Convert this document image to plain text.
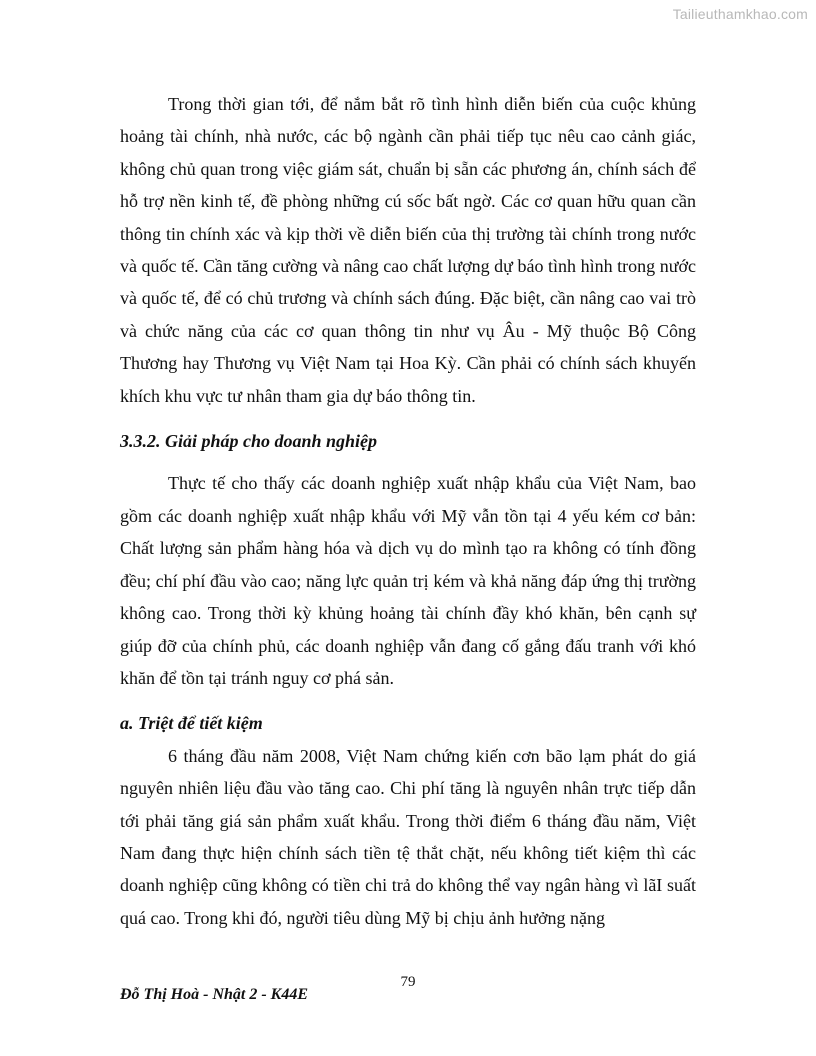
Tailieuthamkhao.com

Trong thời gian tới, để nắm bắt rõ tình hình diễn biến của cuộc khủng hoảng tài chính, nhà nước, các bộ ngành cần phải tiếp tục nêu cao cảnh giác, không chủ quan trong việc giám sát, chuẩn bị sẵn các phương án, chính sách để hỗ trợ nền kinh tế, đề phòng những cú sốc bất ngờ. Các cơ quan hữu quan cần thông tin chính xác và kịp thời về diễn biến của thị trường tài chính trong nước và quốc tế. Cần tăng cường và nâng cao chất lượng dự báo tình hình trong nước và quốc tế, để có chủ trương và chính sách đúng. Đặc biệt, cần nâng cao vai trò và chức năng của các cơ quan thông tin như vụ Âu - Mỹ thuộc Bộ Công Thương hay Thương vụ Việt Nam tại Hoa Kỳ. Cần phải có chính sách khuyến khích khu vực tư nhân tham gia dự báo thông tin.

3.3.2. Giải pháp cho doanh nghiệp

Thực tế cho thấy các doanh nghiệp xuất nhập khẩu của Việt Nam, bao gồm các doanh nghiệp xuất nhập khẩu với Mỹ vẫn tồn tại 4 yếu kém cơ bản: Chất lượng sản phẩm hàng hóa và dịch vụ do mình tạo ra không có tính đồng đều; chí phí đầu vào cao; năng lực quản trị kém và khả năng đáp ứng thị trường không cao. Trong thời kỳ khủng hoảng tài chính đầy khó khăn, bên cạnh sự giúp đỡ của chính phủ, các doanh nghiệp vẫn đang cố gắng đấu tranh với khó khăn để tồn tại tránh nguy cơ phá sản.

a. Triệt để tiết kiệm

6 tháng đầu năm 2008, Việt Nam chứng kiến cơn bão lạm phát do giá nguyên nhiên liệu đầu vào tăng cao. Chi phí tăng là nguyên nhân trực tiếp dẫn tới phải tăng giá sản phẩm xuất khẩu. Trong thời điểm 6 tháng đầu năm, Việt Nam đang thực hiện chính sách tiền tệ thắt chặt, nếu không tiết kiệm thì các doanh nghiệp cũng không có tiền chi trả do không thể vay ngân hàng vì lãI suất quá cao. Trong khi đó, người tiêu dùng Mỹ bị chịu ảnh hưởng nặng

79
Đỗ Thị Hoà - Nhật 2 - K44E
